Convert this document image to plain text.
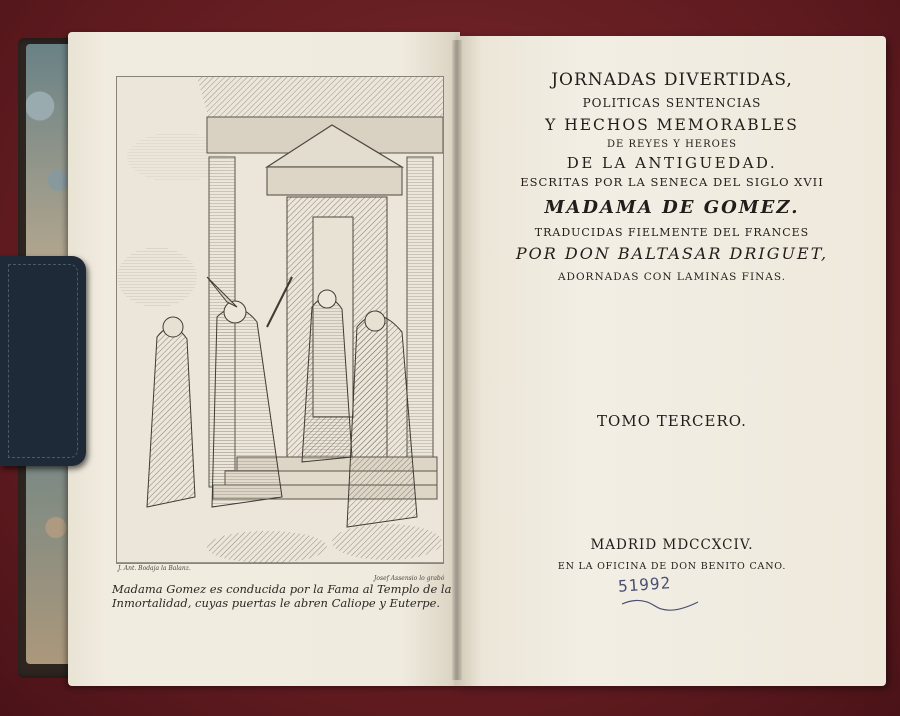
J. Ant. Bodaja la Balanz.
Josef Assensio lo grabó
Madama Gomez es conducida por la Fama al Templo de la
Inmortalidad, cuyas puertas le abren Caliope y Euterpe.
JORNADAS DIVERTIDAS,
POLITICAS SENTENCIAS
Y HECHOS MEMORABLES
DE REYES Y HEROES
DE LA ANTIGUEDAD.
ESCRITAS POR LA SENECA DEL SIGLO XVII
MADAMA DE GOMEZ.
TRADUCIDAS FIELMENTE DEL FRANCES
POR DON BALTASAR DRIGUET,
ADORNADAS CON LAMINAS FINAS.
TOMO TERCERO.
MADRID MDCCXCIV.
EN LA OFICINA DE DON BENITO CANO.
51992
